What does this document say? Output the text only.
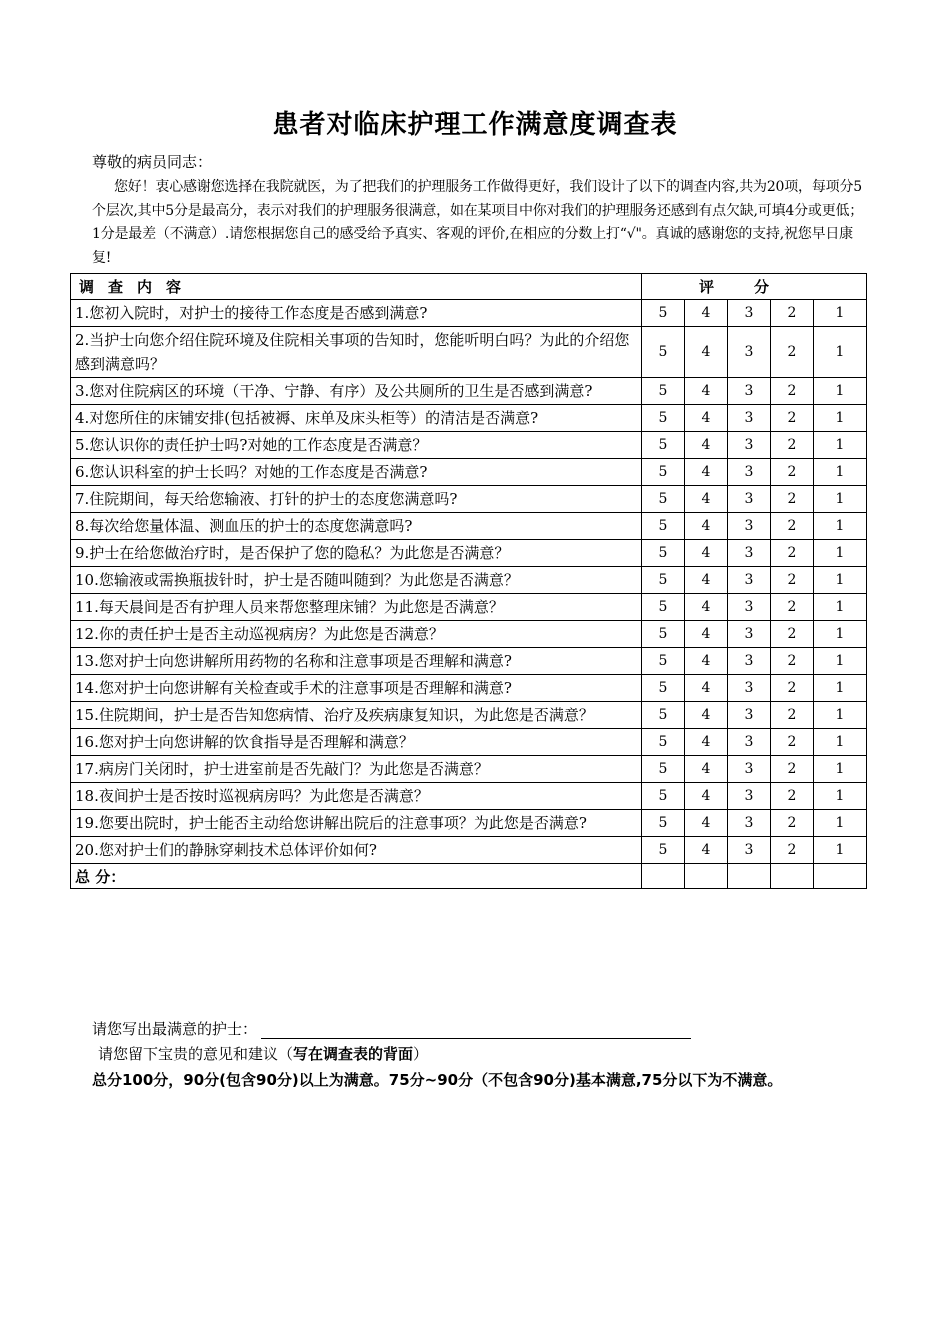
患者对临床护理工作满意度调查表
尊敬的病员同志：
您好！衷心感谢您选择在我院就医，为了把我们的护理服务工作做得更好，我们设计了以下的调查内容,共为20项，每项分5个层次,其中5分是最高分，表示对我们的护理服务很满意，如在某项目中你对我们的护理服务还感到有点欠缺,可填4分或更低；1分是最差（不满意）.请您根据您自己的感受给予真实、客观的评价,在相应的分数上打“√"。真诚的感谢您的支持,祝您早日康复!
调查内容	评分				
1.您初入院时，对护士的接待工作态度是否感到满意?	5	4	3	2	1
2.当护士向您介绍住院环境及住院相关事项的告知时，您能听明白吗？为此的介绍您感到满意吗？	5	4	3	2	1
3.您对住院病区的环境（干净、宁静、有序）及公共厕所的卫生是否感到满意?	5	4	3	2	1
4.对您所住的床铺安排(包括被褥、床单及床头柜等）的清洁是否满意?	5	4	3	2	1
5.您认识你的责任护士吗?对她的工作态度是否满意？	5	4	3	2	1
6.您认识科室的护士长吗？对她的工作态度是否满意?	5	4	3	2	1
7.住院期间，每天给您输液、打针的护士的态度您满意吗?	5	4	3	2	1
8.每次给您量体温、测血压的护士的态度您满意吗?	5	4	3	2	1
9.护士在给您做治疗时，是否保护了您的隐私？为此您是否满意？	5	4	3	2	1
10.您输液或需换瓶拔针时，护士是否随叫随到？为此您是否满意？	5	4	3	2	1
11.每天晨间是否有护理人员来帮您整理床铺？为此您是否满意？	5	4	3	2	1
12.你的责任护士是否主动巡视病房？为此您是否满意？	5	4	3	2	1
13.您对护士向您讲解所用药物的名称和注意事项是否理解和满意?	5	4	3	2	1
14.您对护士向您讲解有关检查或手术的注意事项是否理解和满意?	5	4	3	2	1
15.住院期间，护士是否告知您病情、治疗及疾病康复知识，为此您是否满意？	5	4	3	2	1
16.您对护士向您讲解的饮食指导是否理解和满意？	5	4	3	2	1
17.病房门关闭时，护士进室前是否先敲门？为此您是否满意？	5	4	3	2	1
18.夜间护士是否按时巡视病房吗？为此您是否满意？	5	4	3	2	1
19.您要出院时，护士能否主动给您讲解出院后的注意事项？为此您是否满意?	5	4	3	2	1
20.您对护士们的静脉穿刺技术总体评价如何?	5	4	3	2	1
总 分：					
请您写出最满意的护士：
请您留下宝贵的意见和建议（写在调查表的背面）
总分100分，90分(包含90分)以上为满意。75分~90分（不包含90分)基本满意,75分以下为不满意。
